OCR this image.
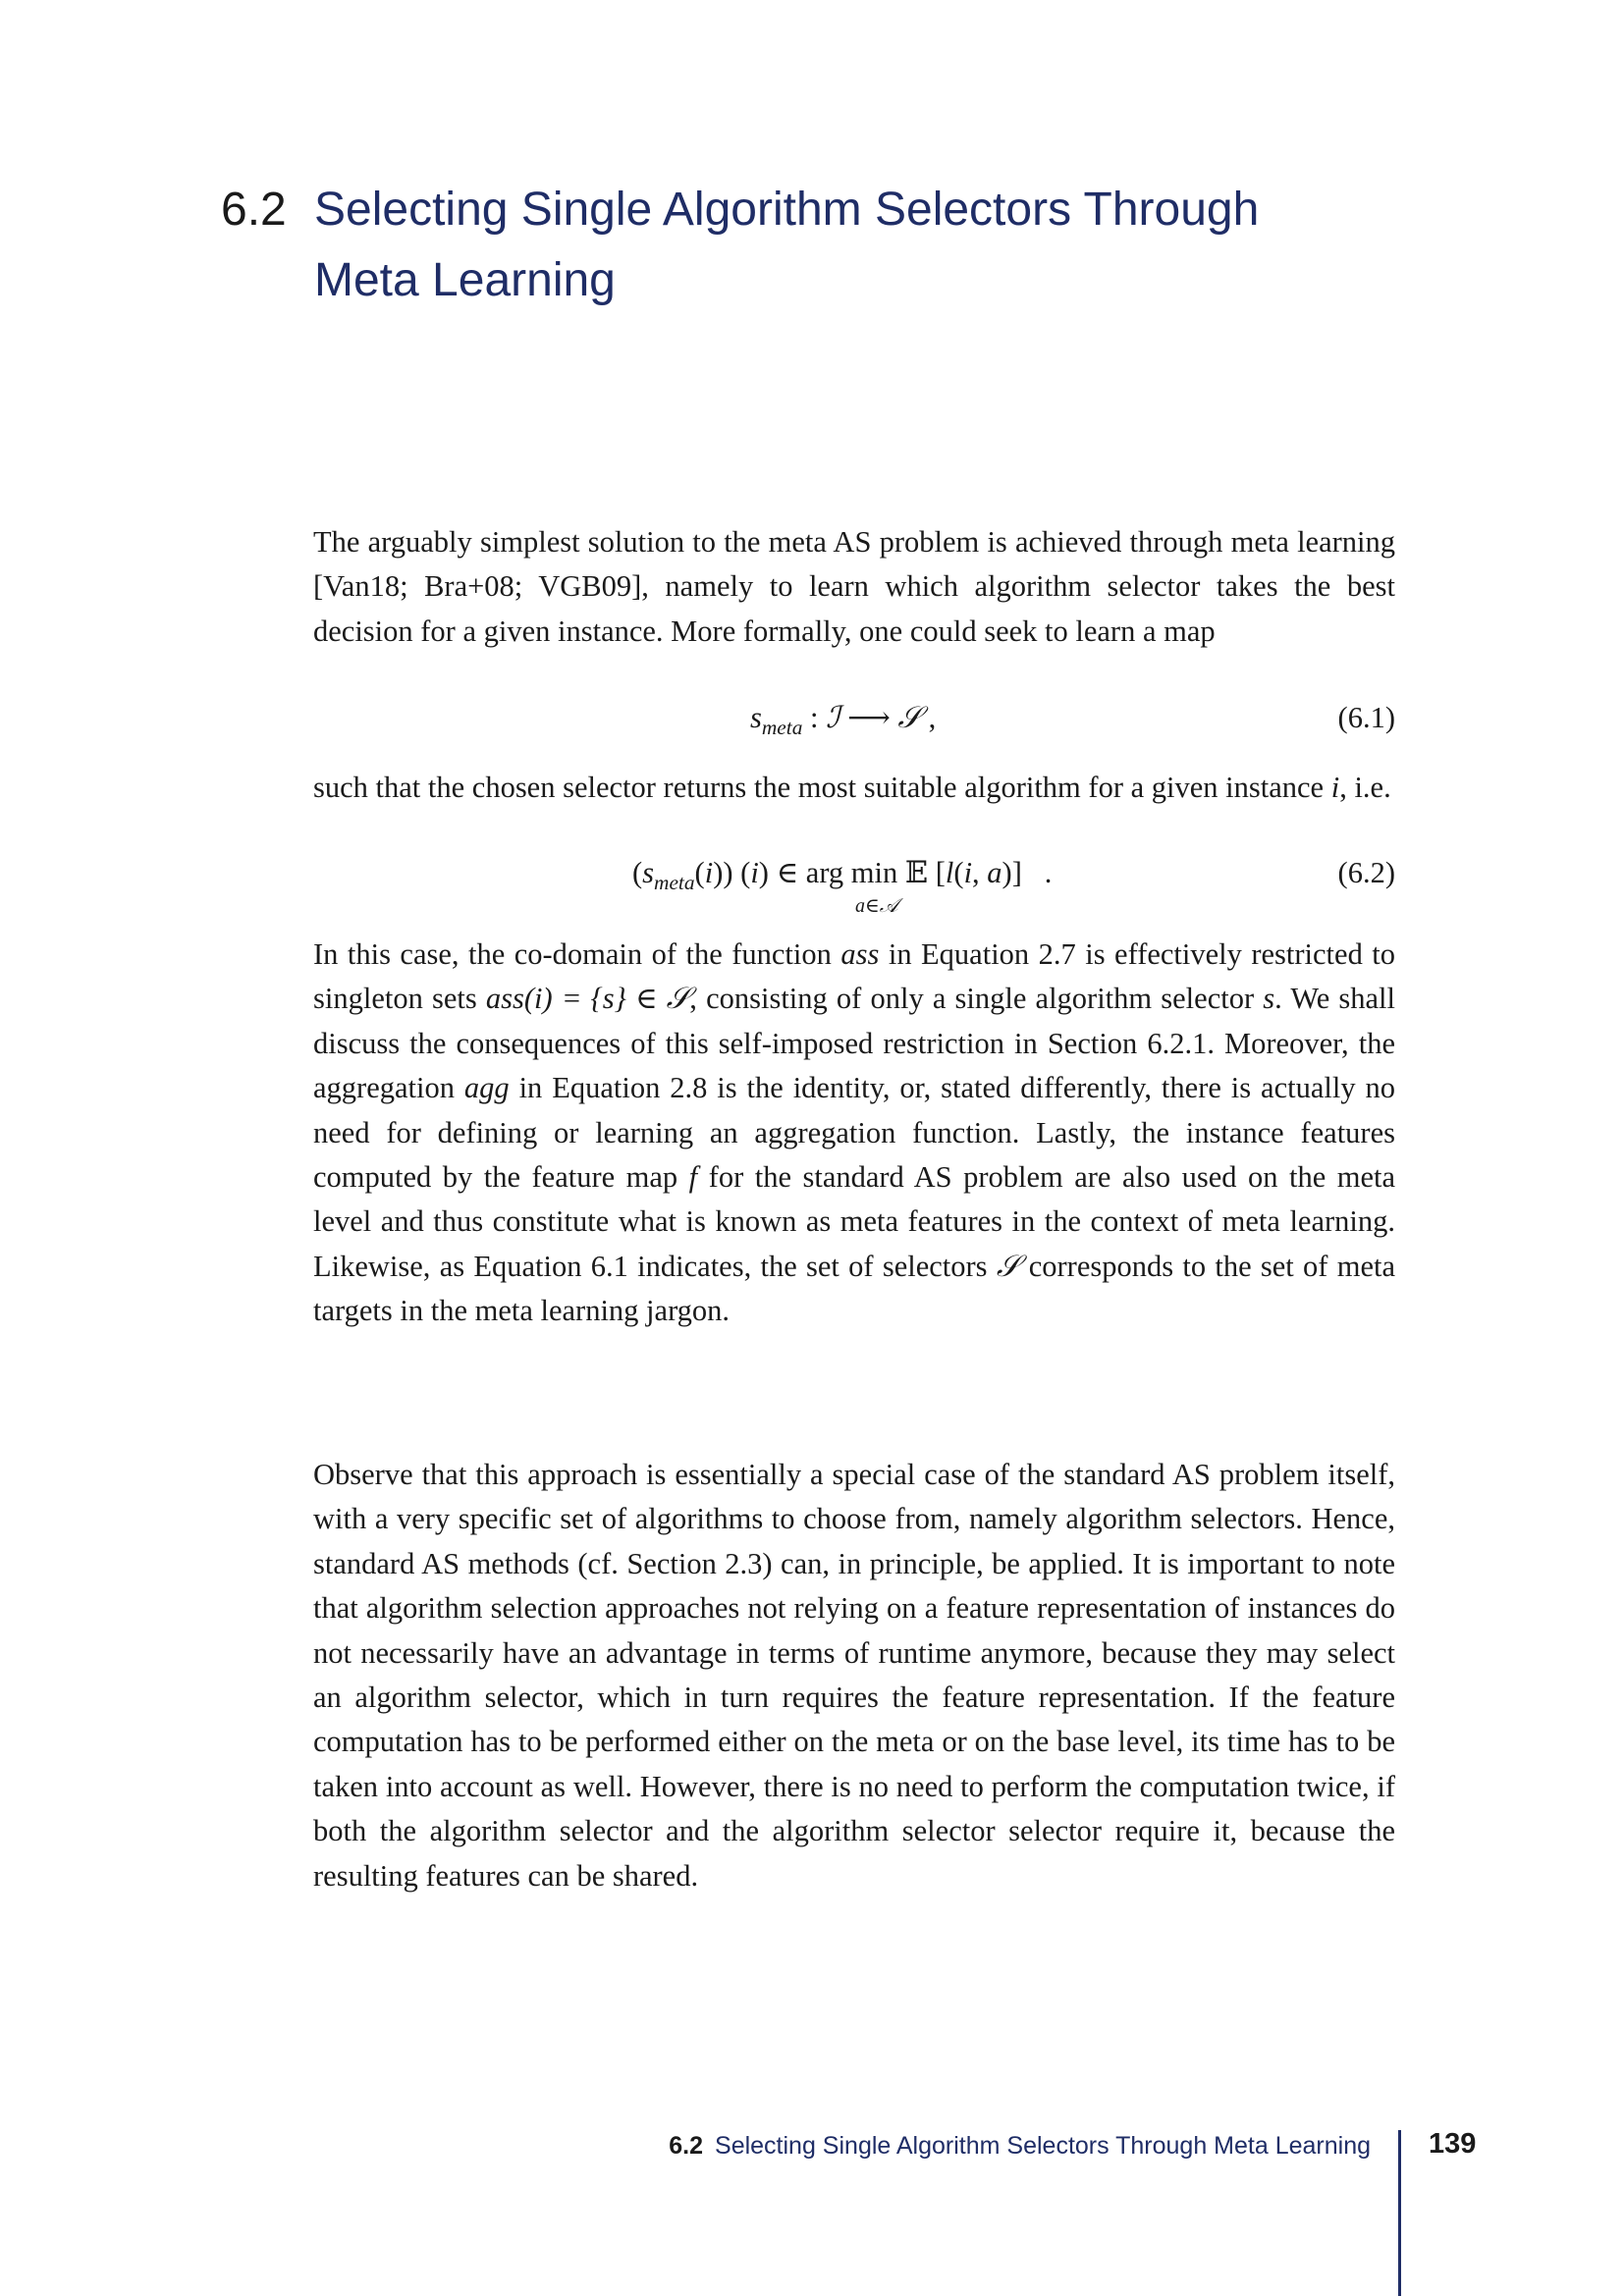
6.2 Selecting Single Algorithm Selectors Through Meta Learning

The arguably simplest solution to the meta AS problem is achieved through meta learning [Van18; Bra+08; VGB09], namely to learn which algorithm selector takes the best decision for a given instance. More formally, one could seek to learn a map

$s_{meta}$ : ℐ ⟶ 𝒮 ,	(6.1)

such that the chosen selector returns the most suitable algorithm for a given instance i, i.e.

$(s_{meta}(i))$ (i) ∈ arg min 𝔼 [l(i, a)]   .
a∈𝒜
(6.2)

In this case, the co-domain of the function ass in Equation 2.7 is effectively restricted to singleton sets ass(i) = {s} ∈ 𝒮, consisting of only a single algorithm selector s. We shall discuss the consequences of this self-imposed restriction in Section 6.2.1. Moreover, the aggregation agg in Equation 2.8 is the identity, or, stated differently, there is actually no need for defining or learning an aggregation function. Lastly, the instance features computed by the feature map f for the standard AS problem are also used on the meta level and thus constitute what is known as meta features in the context of meta learning. Likewise, as Equation 6.1 indicates, the set of selectors 𝒮 corresponds to the set of meta targets in the meta learning jargon.

Observe that this approach is essentially a special case of the standard AS problem itself, with a very specific set of algorithms to choose from, namely algorithm selectors. Hence, standard AS methods (cf. Section 2.3) can, in principle, be applied. It is important to note that algorithm selection approaches not relying on a feature representation of instances do not necessarily have an advantage in terms of runtime anymore, because they may select an algorithm selector, which in turn requires the feature representation. If the feature computation has to be performed either on the meta or on the base level, its time has to be taken into account as well. However, there is no need to perform the computation twice, if both the algorithm selector and the algorithm selector selector require it, because the resulting features can be shared.

6.2 Selecting Single Algorithm Selectors Through Meta Learning 139
